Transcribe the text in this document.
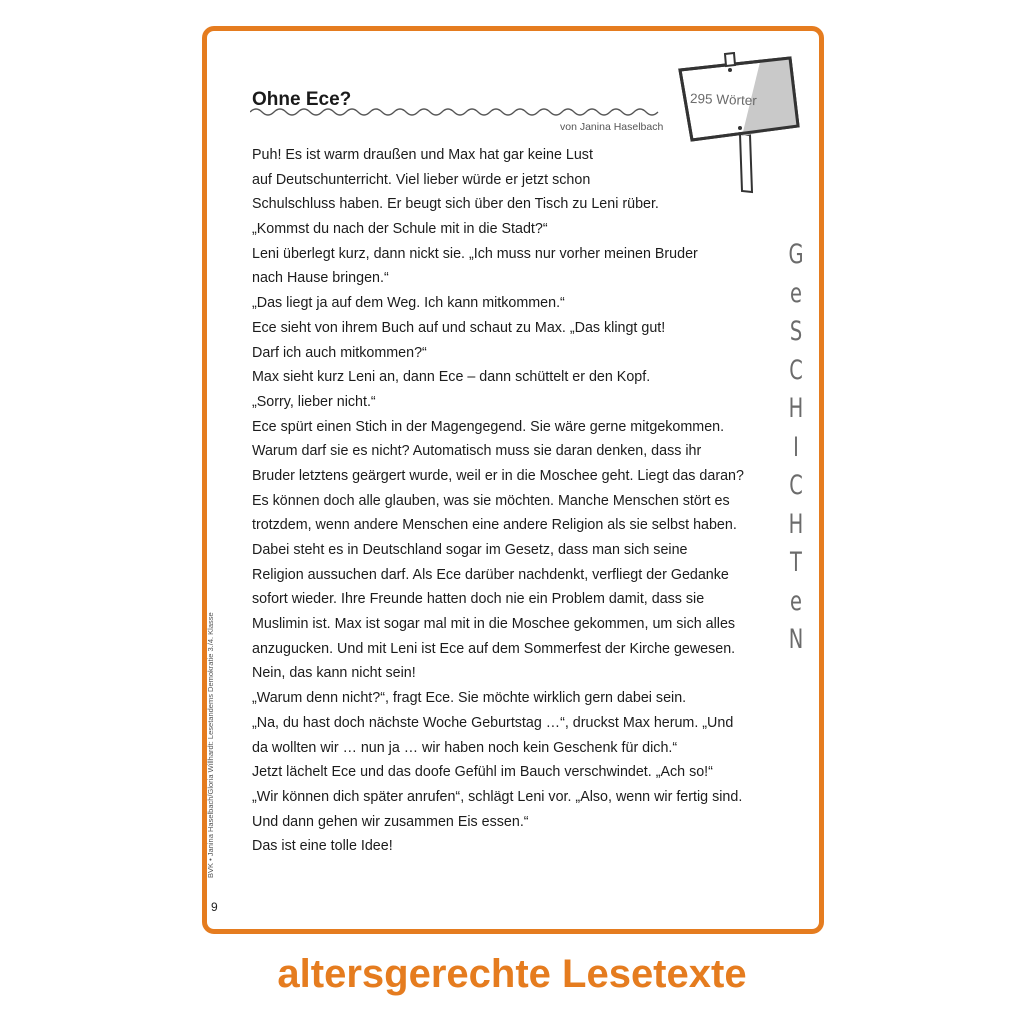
Ohne Ece?
von Janina Haselbach
Puh! Es ist warm draußen und Max hat gar keine Lust
auf Deutschunterricht. Viel lieber würde er jetzt schon
Schulschluss haben. Er beugt sich über den Tisch zu Leni rüber.
„Kommst du nach der Schule mit in die Stadt?“
Leni überlegt kurz, dann nickt sie. „Ich muss nur vorher meinen Bruder
nach Hause bringen.“
„Das liegt ja auf dem Weg. Ich kann mitkommen.“
Ece sieht von ihrem Buch auf und schaut zu Max. „Das klingt gut!
Darf ich auch mitkommen?“
Max sieht kurz Leni an, dann Ece – dann schüttelt er den Kopf.
„Sorry, lieber nicht.“
Ece spürt einen Stich in der Magengegend. Sie wäre gerne mitgekommen.
Warum darf sie es nicht? Automatisch muss sie daran denken, dass ihr
Bruder letztens geärgert wurde, weil er in die Moschee geht. Liegt das daran?
Es können doch alle glauben, was sie möchten. Manche Menschen stört es
trotzdem, wenn andere Menschen eine andere Religion als sie selbst haben.
Dabei steht es in Deutschland sogar im Gesetz, dass man sich seine
Religion aussuchen darf. Als Ece darüber nachdenkt, verfliegt der Gedanke
sofort wieder. Ihre Freunde hatten doch nie ein Problem damit, dass sie
Muslimin ist. Max ist sogar mal mit in die Moschee gekommen, um sich alles
anzugucken. Und mit Leni ist Ece auf dem Sommerfest der Kirche gewesen.
Nein, das kann nicht sein!
„Warum denn nicht?“, fragt Ece. Sie möchte wirklich gern dabei sein.
„Na, du hast doch nächste Woche Geburtstag …“, druckst Max herum. „Und
da wollten wir … nun ja … wir haben noch kein Geschenk für dich.“
Jetzt lächelt Ece und das doofe Gefühl im Bauch verschwindet. „Ach so!“
„Wir können dich später anrufen“, schlägt Leni vor. „Also, wenn wir fertig sind.
Und dann gehen wir zusammen Eis essen.“
Das ist eine tolle Idee!
295 Wörter
G
e
S
C
H
I
C
H
T
e
N
BVK • Janina Haselbach/Gloria Willhardt: Lesetandems Demokratie 3./4. Klasse
9
altersgerechte Lesetexte
